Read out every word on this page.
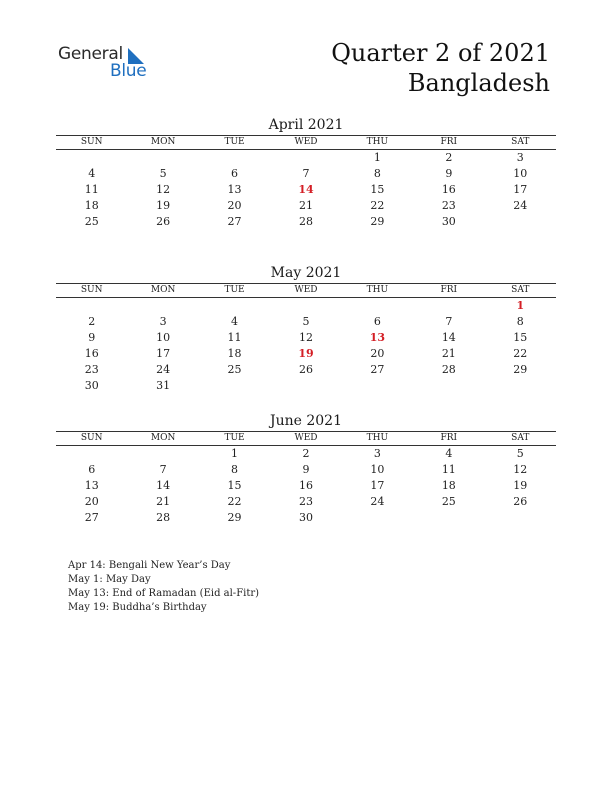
General
Blue
Quarter 2 of 2021
Bangladesh
April 2021
SUN	MON	TUE	WED	THU	FRI	SAT
				1	2	3
4	5	6	7	8	9	10
11	12	13	14	15	16	17
18	19	20	21	22	23	24
25	26	27	28	29	30	
May 2021
SUN	MON	TUE	WED	THU	FRI	SAT
						1
2	3	4	5	6	7	8
9	10	11	12	13	14	15
16	17	18	19	20	21	22
23	24	25	26	27	28	29
30	31					
June 2021
SUN	MON	TUE	WED	THU	FRI	SAT
		1	2	3	4	5
6	7	8	9	10	11	12
13	14	15	16	17	18	19
20	21	22	23	24	25	26
27	28	29	30			
Apr 14: Bengali New Year’s Day
May 1: May Day
May 13: End of Ramadan (Eid al-Fitr)
May 19: Buddha’s Birthday
